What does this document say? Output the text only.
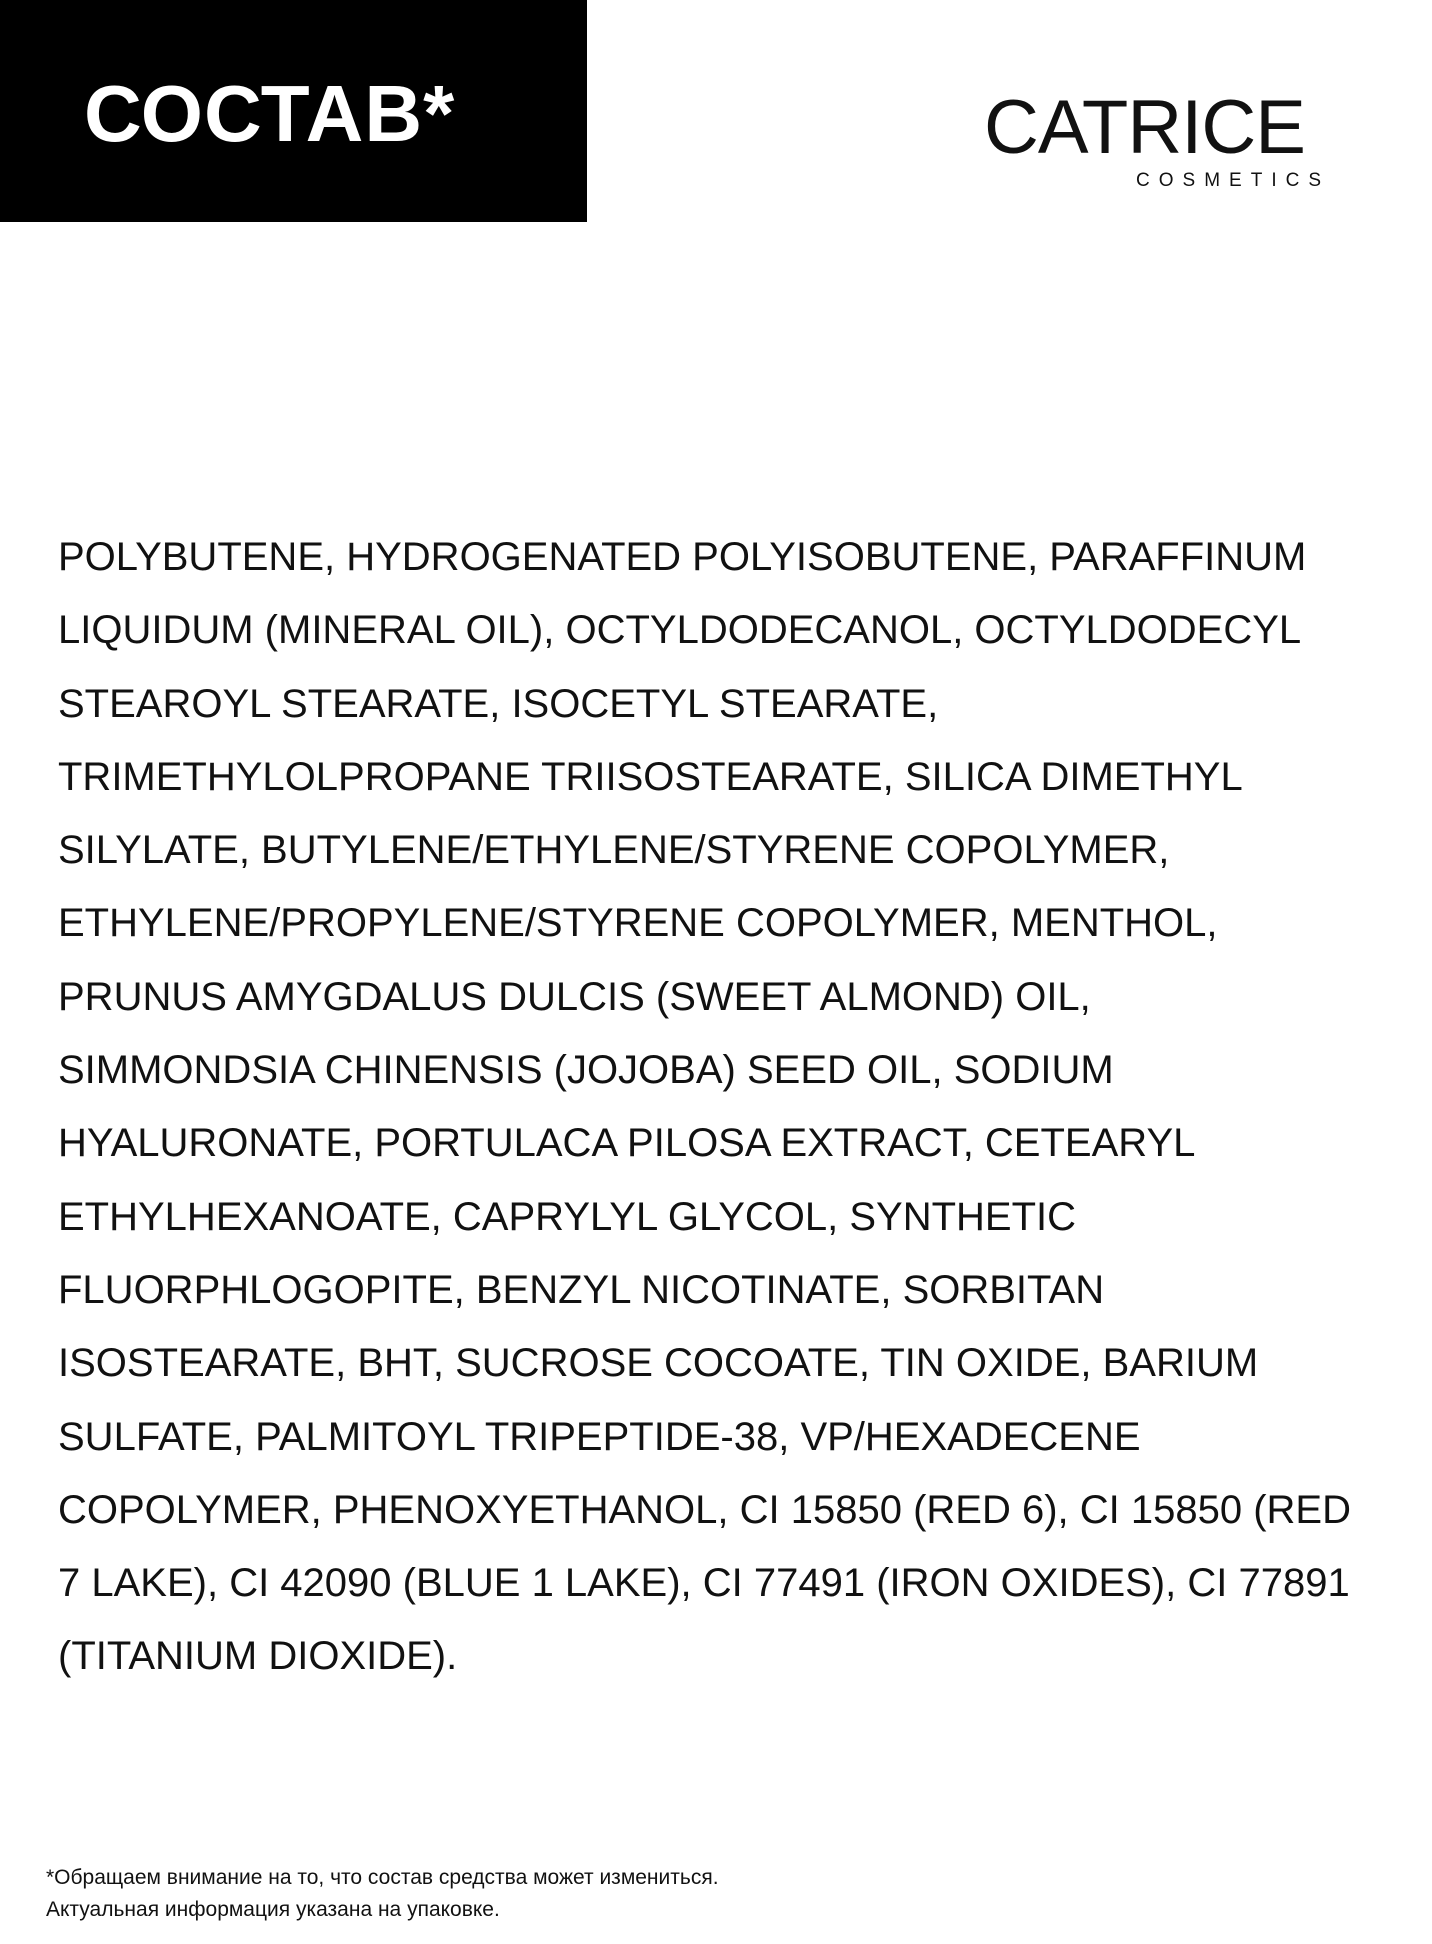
СОСТАВ*	CATRICE
COSMETICS

POLYBUTENE, HYDROGENATED POLYISOBUTENE, PARAFFINUM
LIQUIDUM (MINERAL OIL), OCTYLDODECANOL, OCTYLDODECYL
STEAROYL STEARATE, ISOCETYL STEARATE,
TRIMETHYLOLPROPANE TRIISOSTEARATE, SILICA DIMETHYL
SILYLATE, BUTYLENE/ETHYLENE/STYRENE COPOLYMER,
ETHYLENE/PROPYLENE/STYRENE COPOLYMER, MENTHOL,
PRUNUS AMYGDALUS DULCIS (SWEET ALMOND) OIL,
SIMMONDSIA CHINENSIS (JOJOBA) SEED OIL, SODIUM
HYALURONATE, PORTULACA PILOSA EXTRACT, CETEARYL
ETHYLHEXANOATE, CAPRYLYL GLYCOL, SYNTHETIC
FLUORPHLOGOPITE, BENZYL NICOTINATE, SORBITAN
ISOSTEARATE, BHT, SUCROSE COCOATE, TIN OXIDE, BARIUM
SULFATE, PALMITOYL TRIPEPTIDE-38, VP/HEXADECENE
COPOLYMER, PHENOXYETHANOL, CI 15850 (RED 6), CI 15850 (RED
7 LAKE), CI 42090 (BLUE 1 LAKE), CI 77491 (IRON OXIDES), CI 77891
(TITANIUM DIOXIDE).

*Обращаем внимание на то, что состав средства может измениться.
Актуальная информация указана на упаковке.
